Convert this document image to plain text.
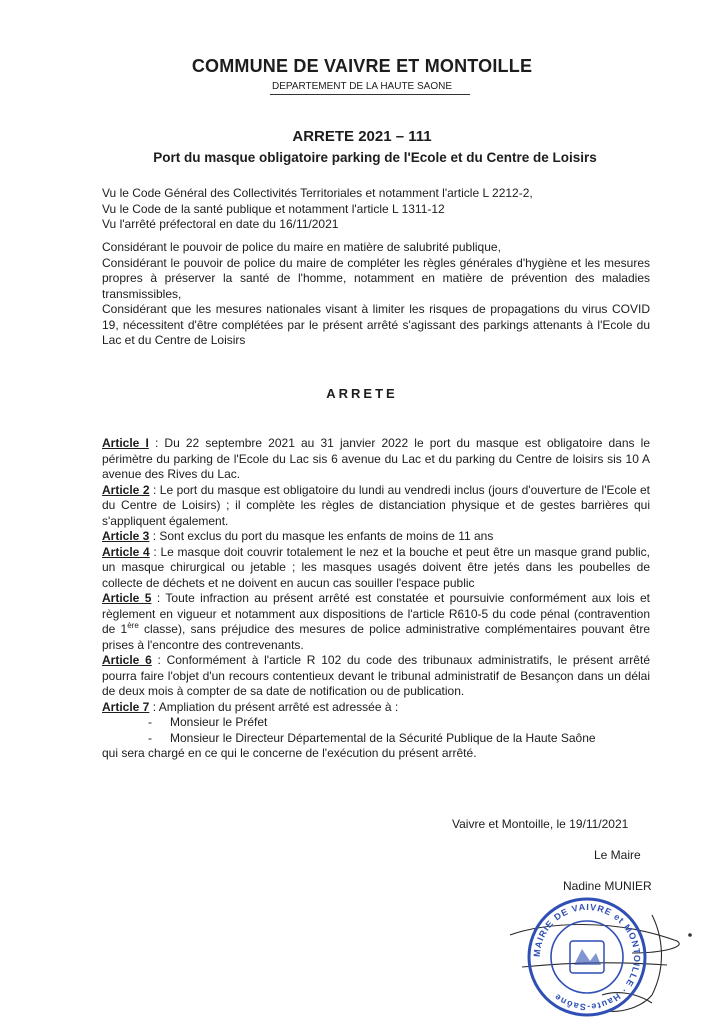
COMMUNE DE VAIVRE ET MONTOILLE
DEPARTEMENT DE LA HAUTE SAONE
ARRETE 2021 – 111
Port du masque obligatoire parking de l'Ecole et du Centre de Loisirs

Vu le Code Général des Collectivités Territoriales et notamment l'article L 2212-2,

Vu le Code de la santé publique et notamment l'article L 1311-12

Vu l'arrêté préfectoral en date du 16/11/2021

Considérant le pouvoir de police du maire en matière de salubrité publique,

Considérant le pouvoir de police du maire de compléter les règles générales d'hygiène et les mesures propres à préserver la santé de l'homme, notamment en matière de prévention des maladies transmissibles,

Considérant que les mesures nationales visant à limiter les risques de propagations du virus COVID 19, nécessitent d'être complétées par le présent arrêté s'agissant des parkings attenants à l'Ecole du Lac et du Centre de Loisirs

ARRETE

Article I : Du 22 septembre 2021 au 31 janvier 2022 le port du masque est obligatoire dans le périmètre du parking de l'Ecole du Lac sis 6 avenue du Lac et du parking du Centre de loisirs sis 10 A avenue des Rives du Lac.

Article 2 : Le port du masque est obligatoire du lundi au vendredi inclus (jours d'ouverture de l'Ecole et du Centre de Loisirs) ; il complète les règles de distanciation physique et de gestes barrières qui s'appliquent également.

Article 3 : Sont exclus du port du masque les enfants de moins de 11 ans

Article 4 : Le masque doit couvrir totalement le nez et la bouche et peut être un masque grand public, un masque chirurgical ou jetable ; les masques usagés doivent être jetés dans les poubelles de collecte de déchets et ne doivent en aucun cas souiller l'espace public

Article 5 : Toute infraction au présent arrêté est constatée et poursuivie conformément aux lois et règlement en vigueur et notamment aux dispositions de l'article R610-5 du code pénal (contravention de 1ère classe), sans préjudice des mesures de police administrative complémentaires pouvant être prises à l'encontre des contrevenants.

Article 6 : Conformément à l'article R 102 du code des tribunaux administratifs, le présent arrêté pourra faire l'objet d'un recours contentieux devant le tribunal administratif de Besançon dans un délai de deux mois à compter de sa date de notification ou de publication.

Article 7 : Ampliation du présent arrêté est adressée à :

- Monsieur le Préfet

- Monsieur le Directeur Départemental de la Sécurité Publique de la Haute Saône

qui sera chargé en ce qui le concerne de l'exécution du présent arrêté.

Vaivre et Montoille, le 19/11/2021
Le Maire
Nadine MUNIER
MAIRIE DE VAIVRE et MONTOILLE · Haute-Saône
